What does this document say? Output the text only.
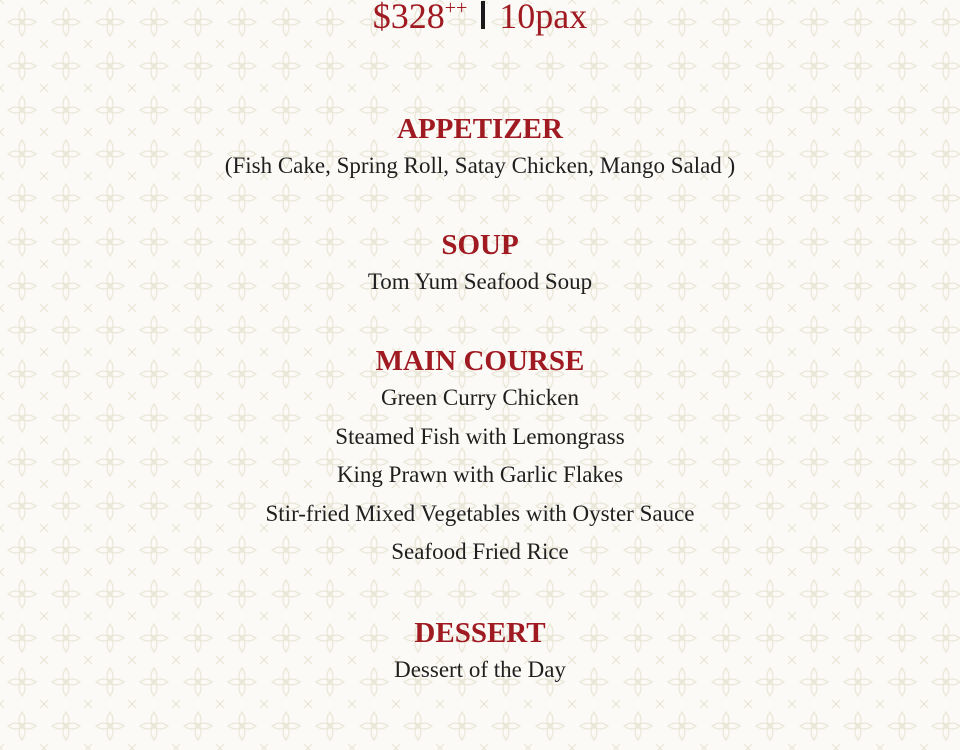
$328++ 10pax
APPETIZER
(Fish Cake, Spring Roll, Satay Chicken, Mango Salad )
SOUP
Tom Yum Seafood Soup
MAIN COURSE
Green Curry Chicken
Steamed Fish with Lemongrass
King Prawn with Garlic Flakes
Stir-fried Mixed Vegetables with Oyster Sauce
Seafood Fried Rice
DESSERT
Dessert of the Day
